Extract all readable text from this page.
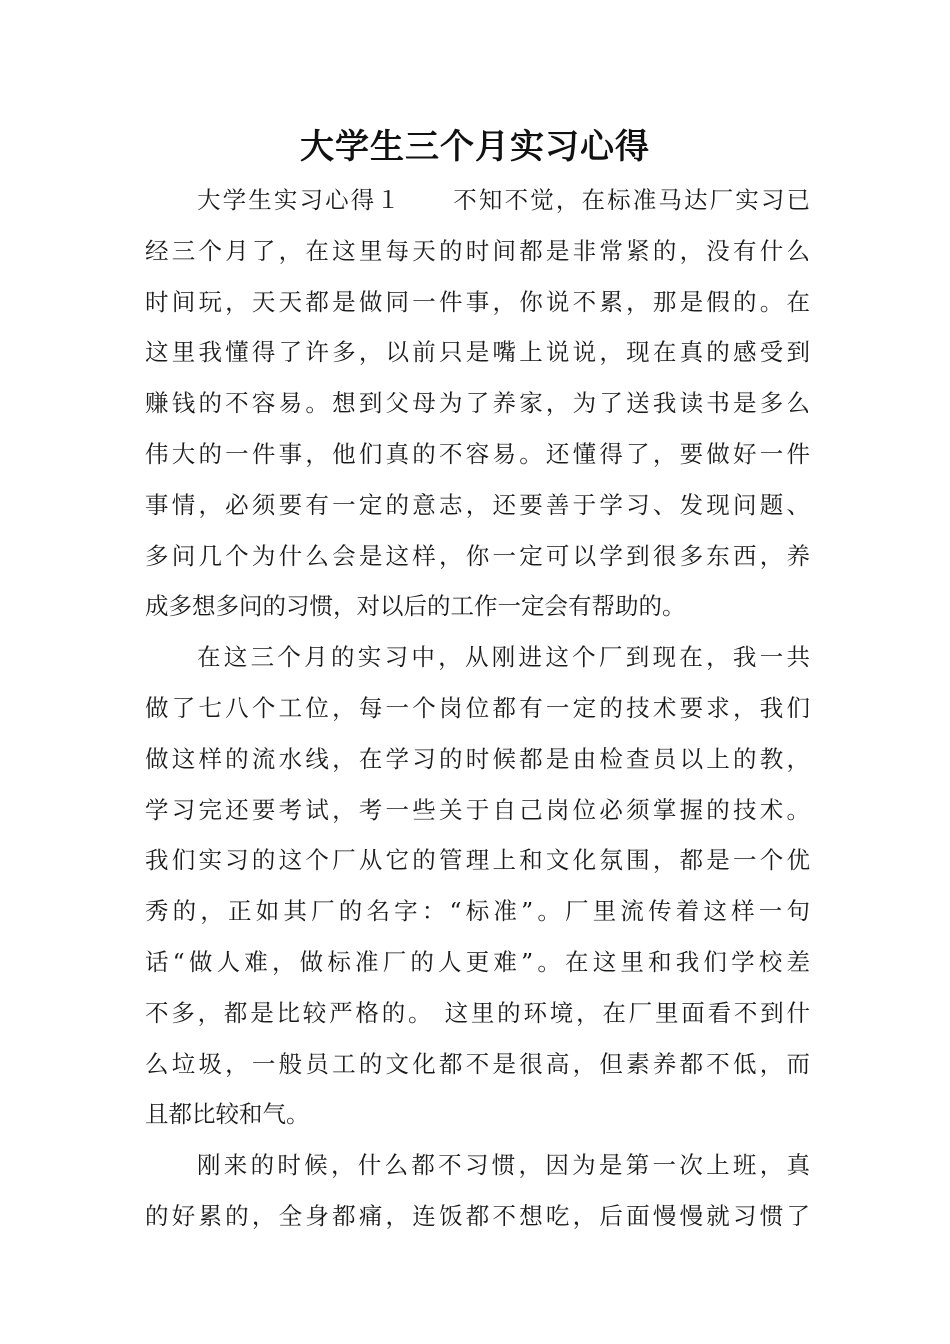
大学生三个月实习心得
大学生实习心得１　　不知不觉，在标准马达厂实习已
经三个月了，在这里每天的时间都是非常紧的，没有什么
时间玩，天天都是做同一件事，你说不累，那是假的。在
这里我懂得了许多，以前只是嘴上说说，现在真的感受到
赚钱的不容易。想到父母为了养家，为了送我读书是多么
伟大的一件事，他们真的不容易。还懂得了，要做好一件
事情，必须要有一定的意志，还要善于学习、发现问题、
多问几个为什么会是这样，你一定可以学到很多东西，养
成多想多问的习惯，对以后的工作一定会有帮助的。
在这三个月的实习中，从刚进这个厂到现在，我一共
做了七八个工位，每一个岗位都有一定的技术要求，我们
做这样的流水线，在学习的时候都是由检查员以上的教，
学习完还要考试，考一些关于自己岗位必须掌握的技术。
我们实习的这个厂从它的管理上和文化氛围，都是一个优
秀的，正如其厂的名字：“标准”。厂里流传着这样一句
话“做人难，做标准厂的人更难”。在这里和我们学校差
不多，都是比较严格的。 这里的环境，在厂里面看不到什
么垃圾，一般员工的文化都不是很高，但素养都不低，而
且都比较和气。
刚来的时候，什么都不习惯，因为是第一次上班，真
的好累的，全身都痛，连饭都不想吃，后面慢慢就习惯了
